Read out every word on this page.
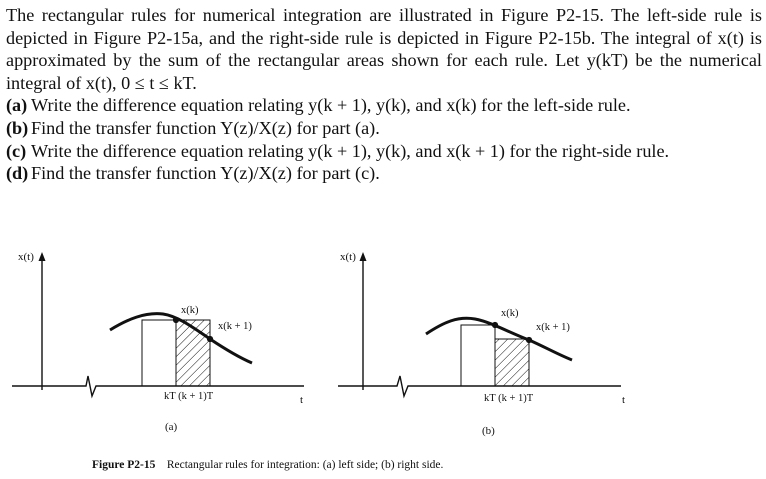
The rectangular rules for numerical integration are illustrated in Figure P2-15. The left-side rule is depicted in Figure P2-15a, and the right-side rule is depicted in Figure P2-15b. The integral of x(t) is approximated by the sum of the rectangular areas shown for each rule. Let y(kT) be the numerical integral of x(t), 0 ≤ t ≤ kT.
(a) Write the difference equation relating y(k + 1), y(k), and x(k) for the left-side rule.
(b) Find the transfer function Y(z)/X(z) for part (a).
(c) Write the difference equation relating y(k + 1), y(k), and x(k + 1) for the right-side rule.
(d) Find the transfer function Y(z)/X(z) for part (c).
x(t)
x(k)
x(k + 1)
kT (k + 1)T	t
(a)
x(t)
x(k)
x(k + 1)
kT (k + 1)T	t
(b)
Figure P2-15 Rectangular rules for integration: (a) left side; (b) right side.
